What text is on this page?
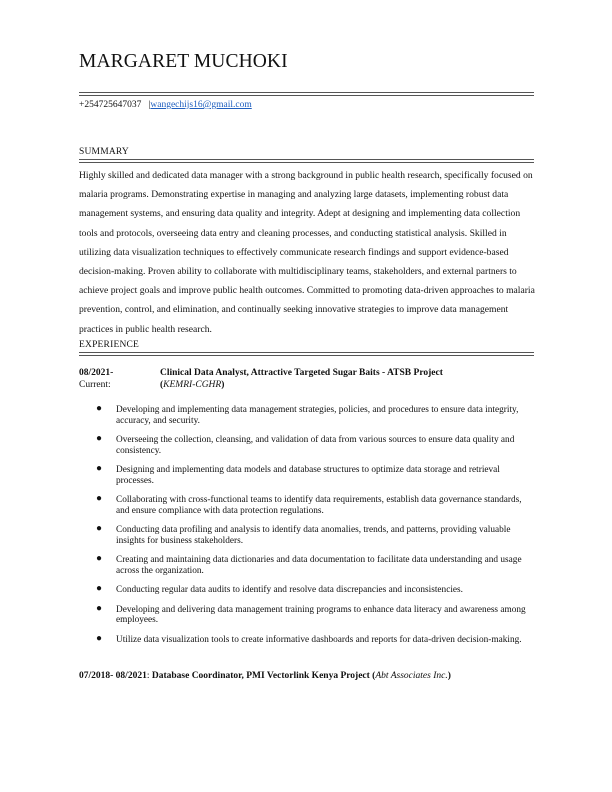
MARGARET MUCHOKI
+254725647037 |wangechijs16@gmail.com
SUMMARY

Highly skilled and dedicated data manager with a strong background in public health research, specifically focused on malaria programs. Demonstrating expertise in managing and analyzing large datasets, implementing robust data management systems, and ensuring data quality and integrity. Adept at designing and implementing data collection tools and protocols, overseeing data entry and cleaning processes, and conducting statistical analysis. Skilled in utilizing data visualization techniques to effectively communicate research findings and support evidence-based decision-making. Proven ability to collaborate with multidisciplinary teams, stakeholders, and external partners to achieve project goals and improve public health outcomes. Committed to promoting data-driven approaches to malaria prevention, control, and elimination, and continually seeking innovative strategies to improve data management practices in public health research.

EXPERIENCE
08/2021-
Current:
Clinical Data Analyst, Attractive Targeted Sugar Baits - ATSB Project (KEMRI-CGHR)
● Developing and implementing data management strategies, policies, and procedures to ensure data integrity, accuracy, and security.
● Overseeing the collection, cleansing, and validation of data from various sources to ensure data quality and consistency.
● Designing and implementing data models and database structures to optimize data storage and retrieval processes.
● Collaborating with cross-functional teams to identify data requirements, establish data governance standards, and ensure compliance with data protection regulations.
● Conducting data profiling and analysis to identify data anomalies, trends, and patterns, providing valuable insights for business stakeholders.
● Creating and maintaining data dictionaries and data documentation to facilitate data understanding and usage across the organization.
● Conducting regular data audits to identify and resolve data discrepancies and inconsistencies.
● Developing and delivering data management training programs to enhance data literacy and awareness among employees.
● Utilize data visualization tools to create informative dashboards and reports for data-driven decision-making.
07/2018- 08/2021: Database Coordinator, PMI Vectorlink Kenya Project (Abt Associates Inc.)
